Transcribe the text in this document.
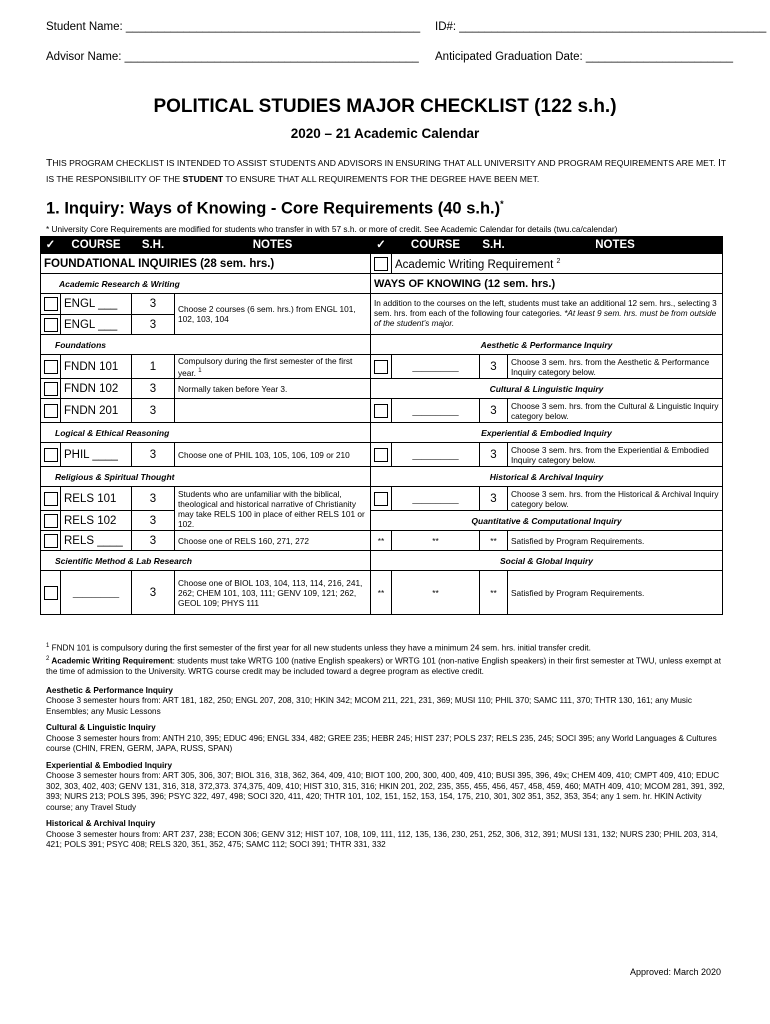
Student Name: ______________________________________________ ID#: ________________________________________________
Advisor Name: ______________________________________________ Anticipated Graduation Date: _______________________
POLITICAL STUDIES MAJOR CHECKLIST (122 s.h.)
2020 – 21 Academic Calendar
THIS PROGRAM CHECKLIST IS INTENDED TO ASSIST STUDENTS AND ADVISORS IN ENSURING THAT ALL UNIVERSITY AND PROGRAM REQUIREMENTS ARE MET. IT IS THE RESPONSIBILITY OF THE STUDENT TO ENSURE THAT ALL REQUIREMENTS FOR THE DEGREE HAVE BEEN MET.
1. Inquiry: Ways of Knowing - Core Requirements (40 s.h.)*
* University Core Requirements are modified for students who transfer in with 57 s.h. or more of credit. See Academic Calendar for details (twu.ca/calendar)
✓	COURSE	S.H.	NOTES	✓	COURSE	S.H.	NOTES
FOUNDATIONAL INQUIRIES (28 sem. hrs.)					Academic Writing Requirement $^2$
Academic Research & Writing				WAYS OF KNOWING (12 sem. hrs.)			
	ENGL ___	3	Choose 2 courses (6 sem. hrs.) from ENGL 101, 102, 103, 104	In addition to the courses on the left, students must take an additional 12 sem. hrs., selecting 3 sem. hrs. from each of the following four categories. *At least 9 sem. hrs. must be from outside of the student’s major.			
	ENGL ___	3					
Foundations				Aesthetic & Performance Inquiry			
	FNDN 101	1	Compulsory during the first semester of the first year. $^1$		__________	3	Choose 3 sem. hrs. from the Aesthetic & Performance Inquiry category below.
	FNDN 102	3	Normally taken before Year 3.	Cultural & Linguistic Inquiry			
	FNDN 201	3			__________	3	Choose 3 sem. hrs. from the Cultural & Linguistic Inquiry category below.
Logical & Ethical Reasoning				Experiential & Embodied Inquiry			
	PHIL ____	3	Choose one of PHIL 103, 105, 106, 109 or 210		__________	3	Choose 3 sem. hrs. from the Experiential & Embodied Inquiry category below.
Religious & Spiritual Thought				Historical & Archival Inquiry			
	RELS 101	3	Students who are unfamiliar with the biblical, theological and historical narrative of Christianity may take RELS 100 in place of either RELS 101 or 102.		__________	3	Choose 3 sem. hrs. from the Historical & Archival Inquiry category below.
	RELS 102	3		Quantitative & Computational Inquiry			
	RELS ____	3	Choose one of RELS 160, 271, 272	**	**	**	Satisfied by Program Requirements.
Scientific Method & Lab Research				Social & Global Inquiry			
	__________	3	Choose one of BIOL 103, 104, 113, 114, 216, 241, 262; CHEM 101, 103, 111; GENV 109, 121; 262, GEOL 109; PHYS 111	**	**	**	Satisfied by Program Requirements.

$^1$ FNDN 101 is compulsory during the first semester of the first year for all new students unless they have a minimum 24 sem. hrs. initial transfer credit.

$^2$ Academic Writing Requirement: students must take WRTG 100 (native English speakers) or WRTG 101 (non-native English speakers) in their first semester at TWU, unless exempt at the time of admission to the University. WRTG course credit may be included toward a degree program as elective credit.

Aesthetic & Performance Inquiry

Choose 3 semester hours from: ART 181, 182, 250; ENGL 207, 208, 310; HKIN 342; MCOM 211, 221, 231, 369; MUSI 110; PHIL 370; SAMC 111, 370; THTR 130, 161; any Music Ensembles; any Music Lessons

Cultural & Linguistic Inquiry

Choose 3 semester hours from: ANTH 210, 395; EDUC 496; ENGL 334, 482; GREE 235; HEBR 245; HIST 237; POLS 237; RELS 235, 245; SOCI 395; any World Languages & Cultures course (CHIN, FREN, GERM, JAPA, RUSS, SPAN)

Experiential & Embodied Inquiry

Choose 3 semester hours from: ART 305, 306, 307; BIOL 316, 318, 362, 364, 409, 410; BIOT 100, 200, 300, 400, 409, 410; BUSI 395, 396, 49x; CHEM 409, 410; CMPT 409, 410; EDUC 302, 303, 402, 403; GENV 131, 316, 318, 372,373. 374,375, 409, 410; HIST 310, 315, 316; HKIN 201, 202, 235, 355, 455, 456, 457, 458, 459, 460; MATH 409, 410; MCOM 281, 391, 392, 393; NURS 213; POLS 395, 396; PSYC 322, 497, 498; SOCI 320, 411, 420; THTR 101, 102, 151, 152, 153, 154, 175, 210, 301, 302 351, 352, 353, 354; any 1 sem. hr. HKIN Activity course; any Travel Study

Historical & Archival Inquiry

Choose 3 semester hours from: ART 237, 238; ECON 306; GENV 312; HIST 107, 108, 109, 111, 112, 135, 136, 230, 251, 252, 306, 312, 391; MUSI 131, 132; NURS 230; PHIL 203, 314, 421; POLS 391; PSYC 408; RELS 320, 351, 352, 475; SAMC 112; SOCI 391; THTR 331, 332

Approved: March 2020
